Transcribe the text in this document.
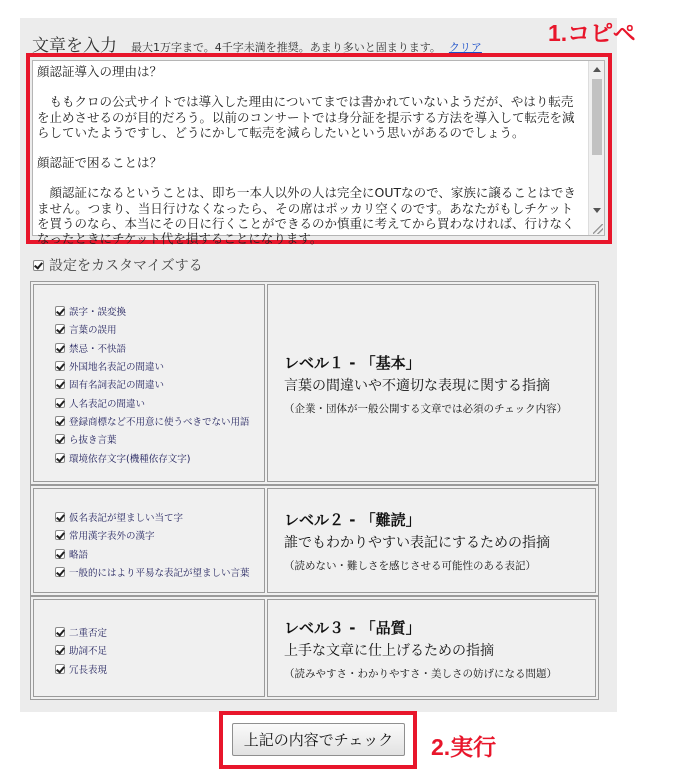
文章を入力 最大1万字まで。4千字未満を推奨。あまり多いと固まります。 クリア
1.コピペ

顔認証導入の理由は？

　ももクロの公式サイトでは導入した理由についてまでは書かれていないようだが、やはり転売を止めさせるのが目的だろう。以前のコンサートでは身分証を提示する方法を導入して転売を減らしていたようですし、どうにかして転売を減らしたいという思いがあるのでしょう。

顔認証で困ることは？

　顔認証になるということは、即ち一本人以外の人は完全にOUTなので、家族に譲ることはできません。つまり、当日行けなくなったら、その席はポッカリ空くのです。あなたがもしチケットを買うのなら、本当にその日に行くことができるのか慎重に考えてから買わなければ、行けなくなったときにチケット代を損することになります。

設定をカスタマイズする
誤字・誤変換
言葉の誤用
禁忌・不快語
外国地名表記の間違い
固有名詞表記の間違い
人名表記の間違い
登録商標など不用意に使うべきでない用語
ら抜き言葉
環境依存文字(機種依存文字)
レベル１ - 「基本」
言葉の間違いや不適切な表現に関する指摘
（企業・団体が一般公開する文章では必須のチェック内容）
仮名表記が望ましい当て字
常用漢字表外の漢字
略語
一般的にはより平易な表記が望ましい言葉
レベル２ - 「難読」
誰でもわかりやすい表記にするための指摘
（読めない・難しさを感じさせる可能性のある表記）
二重否定
助詞不足
冗長表現
レベル３ - 「品質」
上手な文章に仕上げるための指摘
（読みやすさ・わかりやすさ・美しさの妨げになる問題）
上記の内容でチェック	2.実行
